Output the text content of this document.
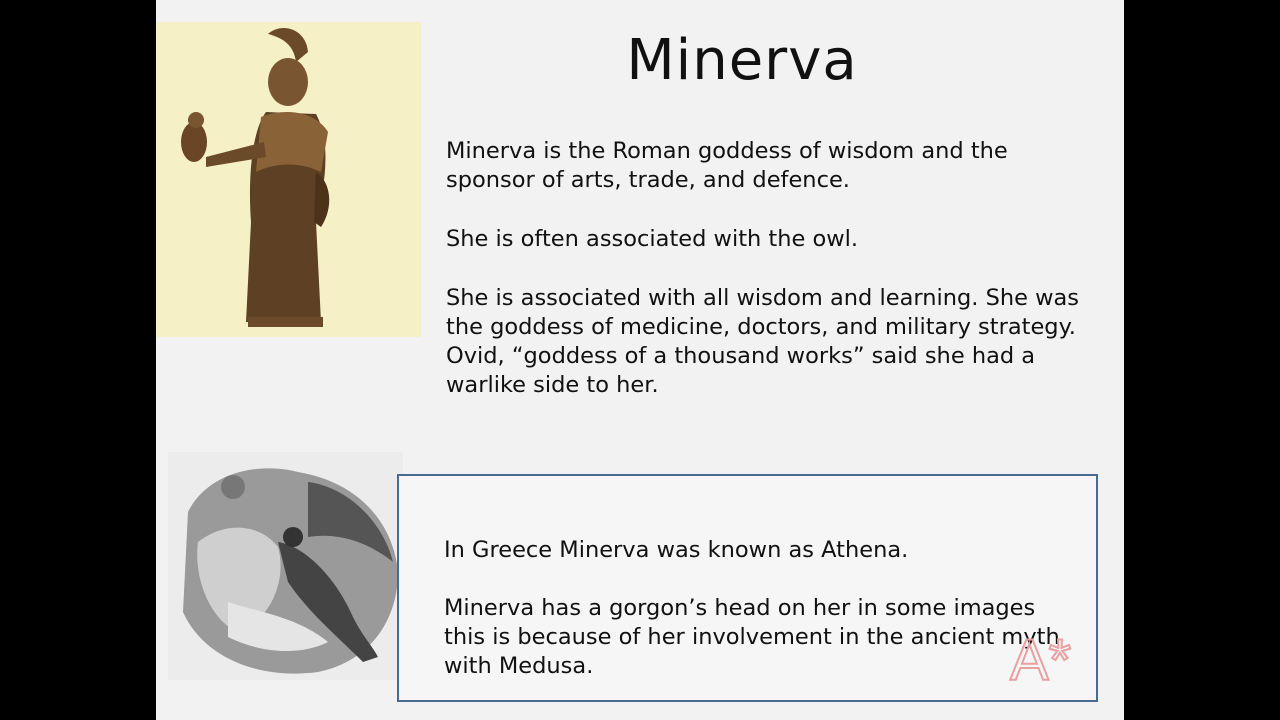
Minerva
Minerva is the Roman goddess of wisdom and the sponsor of arts, trade, and defence.
She is often associated with the owl.
She is associated with all wisdom and learning. She was the goddess of medicine, doctors, and military strategy. Ovid, “goddess of a thousand works” said she had a warlike side to her.
In Greece Minerva was known as Athena.
Minerva has a gorgon’s head on her in some images this is because of her involvement in the ancient myth with Medusa.	A*
